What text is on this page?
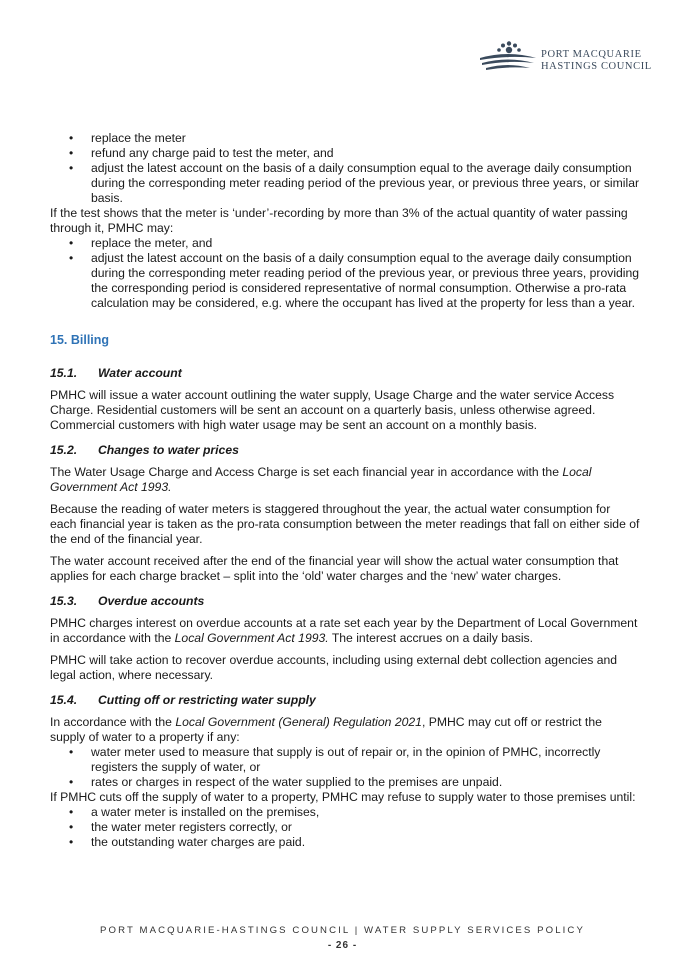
PORT MACQUARIE
HASTINGS COUNCIL
• replace the meter
• refund any charge paid to test the meter, and
• adjust the latest account on the basis of a daily consumption equal to the average daily consumption during the corresponding meter reading period of the previous year, or previous three years, or similar basis.

If the test shows that the meter is ‘under’-recording by more than 3% of the actual quantity of water passing through it, PMHC may:

• replace the meter, and
• adjust the latest account on the basis of a daily consumption equal to the average daily consumption during the corresponding meter reading period of the previous year, or previous three years, providing the corresponding period is considered representative of normal consumption. Otherwise a pro-rata calculation may be considered, e.g. where the occupant has lived at the property for less than a year.
15. Billing
15.1. Water account

PMHC will issue a water account outlining the water supply, Usage Charge and the water service Access Charge. Residential customers will be sent an account on a quarterly basis, unless otherwise agreed. Commercial customers with high water usage may be sent an account on a monthly basis.

15.2. Changes to water prices

The Water Usage Charge and Access Charge is set each financial year in accordance with the Local Government Act 1993.

Because the reading of water meters is staggered throughout the year, the actual water consumption for each financial year is taken as the pro-rata consumption between the meter readings that fall on either side of the end of the financial year.

The water account received after the end of the financial year will show the actual water consumption that applies for each charge bracket – split into the ‘old’ water charges and the ‘new’ water charges.

15.3. Overdue accounts

PMHC charges interest on overdue accounts at a rate set each year by the Department of Local Government in accordance with the Local Government Act 1993. The interest accrues on a daily basis.

PMHC will take action to recover overdue accounts, including using external debt collection agencies and legal action, where necessary.

15.4. Cutting off or restricting water supply

In accordance with the Local Government (General) Regulation 2021, PMHC may cut off or restrict the supply of water to a property if any:

• water meter used to measure that supply is out of repair or, in the opinion of PMHC, incorrectly registers the supply of water, or
• rates or charges in respect of the water supplied to the premises are unpaid.

If PMHC cuts off the supply of water to a property, PMHC may refuse to supply water to those premises until:

• a water meter is installed on the premises,
• the water meter registers correctly, or
• the outstanding water charges are paid.
PORT MACQUARIE-HASTINGS COUNCIL | WATER SUPPLY SERVICES POLICY
- 26 -
